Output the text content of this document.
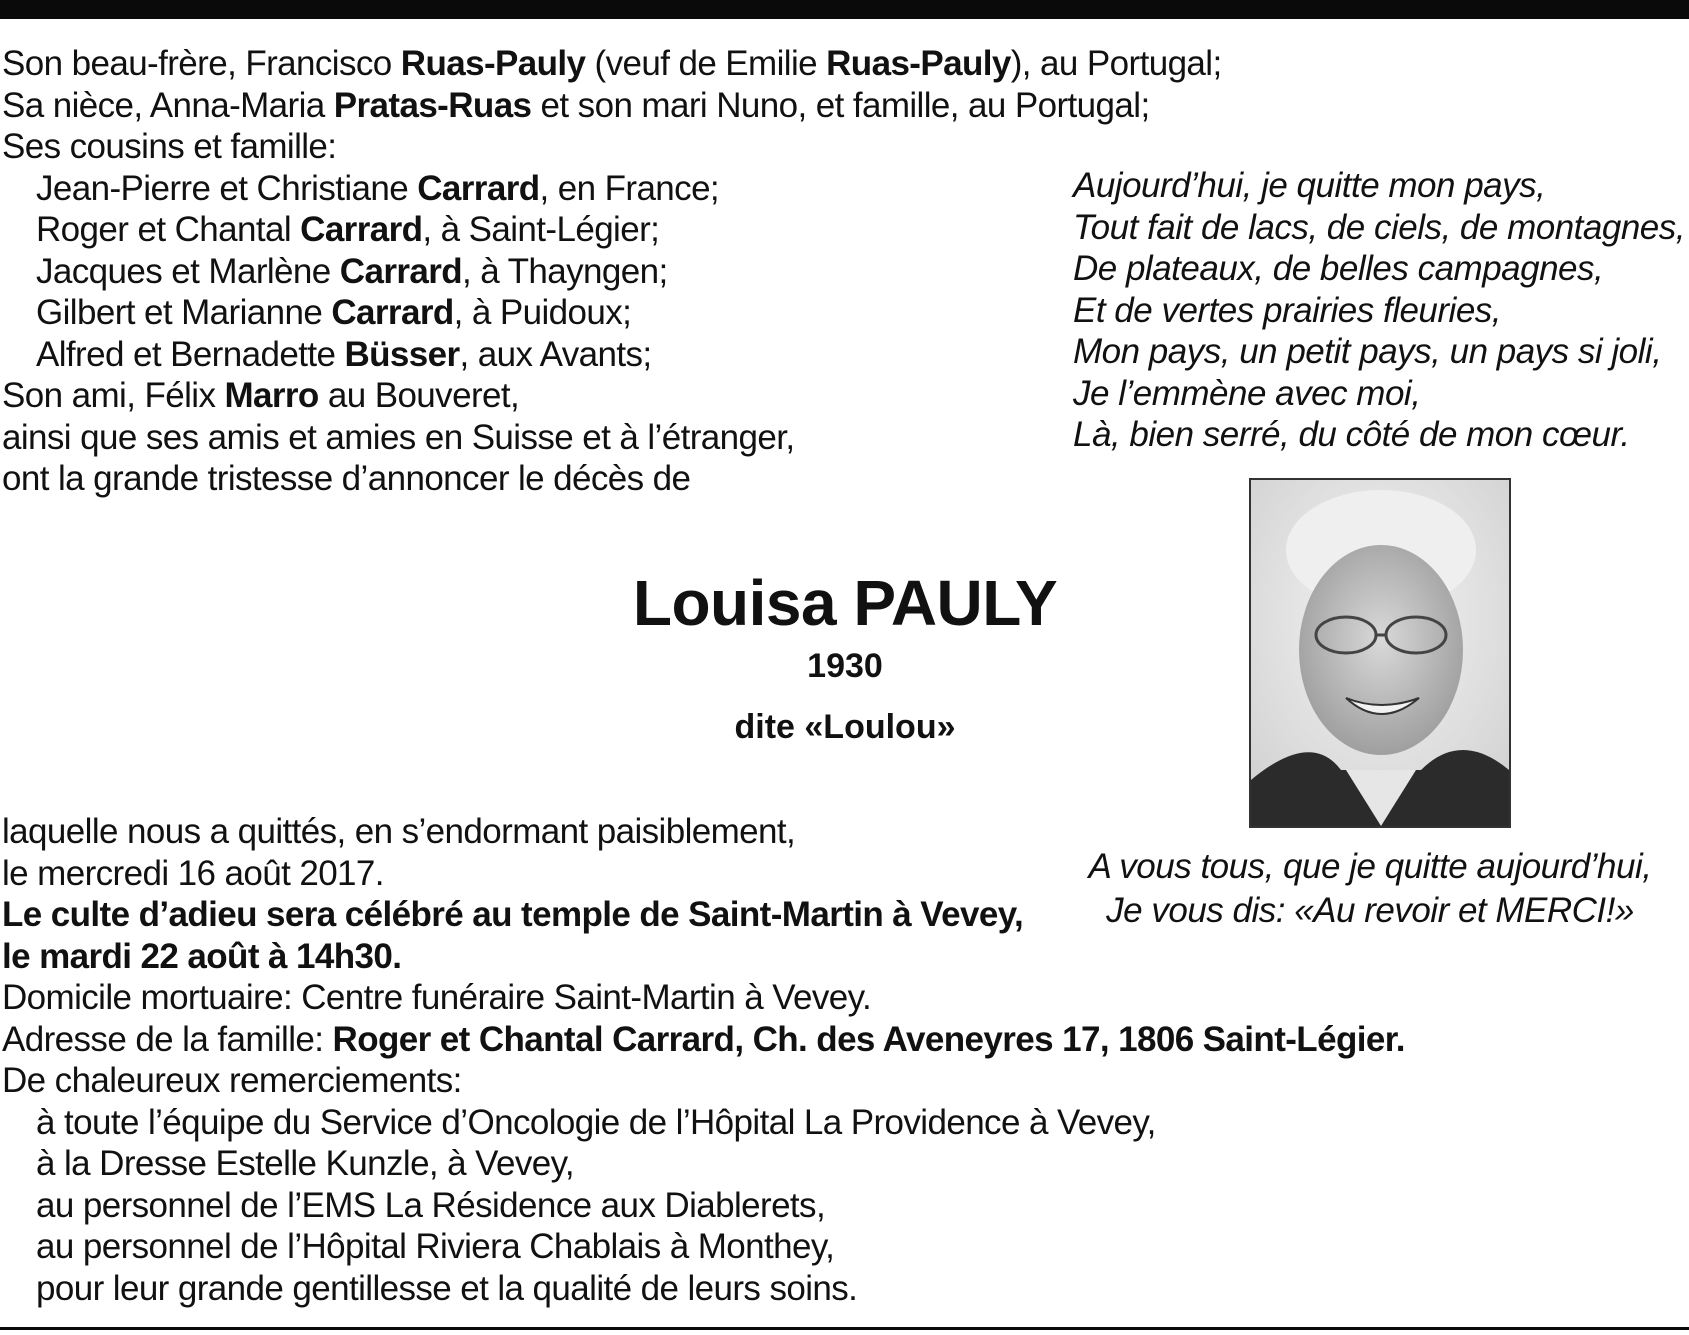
Son beau-frère, Francisco Ruas-Pauly (veuf de Emilie Ruas-Pauly), au Portugal;
Sa nièce, Anna-Maria Pratas-Ruas et son mari Nuno, et famille, au Portugal;
Ses cousins et famille:
Jean-Pierre et Christiane Carrard, en France;
Roger et Chantal Carrard, à Saint-Légier;
Jacques et Marlène Carrard, à Thayngen;
Gilbert et Marianne Carrard, à Puidoux;
Alfred et Bernadette Büsser, aux Avants;
Son ami, Félix Marro au Bouveret,
ainsi que ses amis et amies en Suisse et à l’étranger,
ont la grande tristesse d’annoncer le décès de
Aujourd’hui, je quitte mon pays,
Tout fait de lacs, de ciels, de montagnes,
De plateaux, de belles campagnes,
Et de vertes prairies fleuries,
Mon pays, un petit pays, un pays si joli,
Je l’emmène avec moi,
Là, bien serré, du côté de mon cœur.
Louisa PAULY
1930
dite «Loulou»
A vous tous, que je quitte aujourd’hui,
Je vous dis: «Au revoir et MERCI!»
laquelle nous a quittés, en s’endormant paisiblement,
le mercredi 16 août 2017.
Le culte d’adieu sera célébré au temple de Saint-Martin à Vevey,
le mardi 22 août à 14h30.
Domicile mortuaire: Centre funéraire Saint-Martin à Vevey.
Adresse de la famille: Roger et Chantal Carrard, Ch. des Aveneyres 17, 1806 Saint-Légier.
De chaleureux remerciements:
à toute l’équipe du Service d’Oncologie de l’Hôpital La Providence à Vevey,
à la Dresse Estelle Kunzle, à Vevey,
au personnel de l’EMS La Résidence aux Diablerets,
au personnel de l’Hôpital Riviera Chablais à Monthey,
pour leur grande gentillesse et la qualité de leurs soins.
